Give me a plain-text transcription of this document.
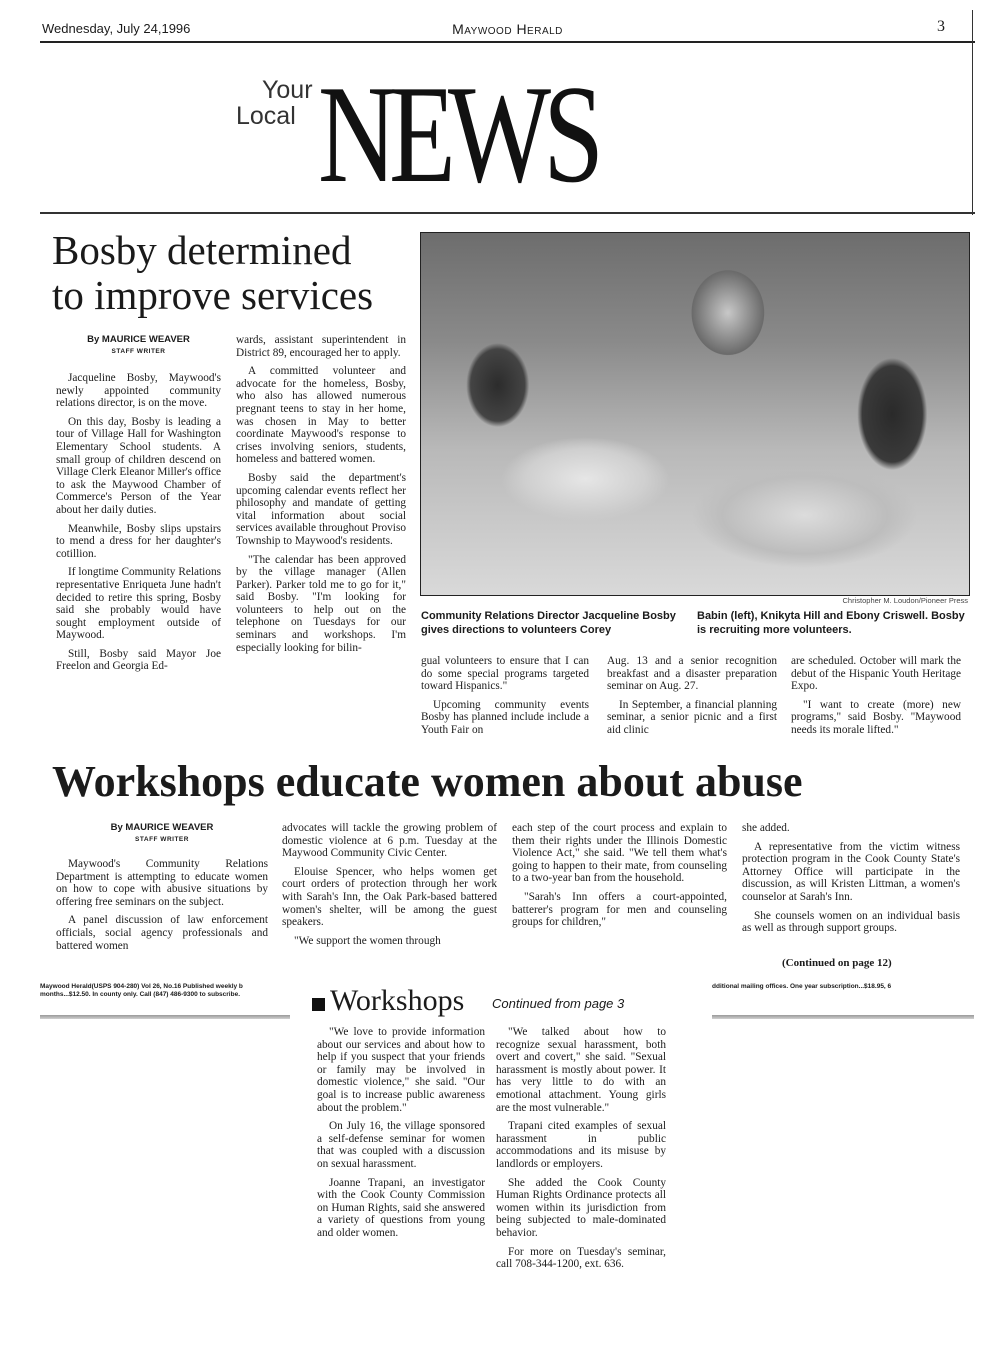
Wednesday, July 24,1996	Maywood Herald	3
Your
Local NEWS
Bosby determined
to improve services
By MAURICE WEAVER
STAFF WRITER

Jacqueline Bosby, Maywood's newly appointed community relations director, is on the move.

On this day, Bosby is leading a tour of Village Hall for Washington Elementary School students. A small group of children descend on Village Clerk Eleanor Miller's office to ask the Maywood Chamber of Commerce's Person of the Year about her daily duties.

Meanwhile, Bosby slips upstairs to mend a dress for her daughter's cotillion.

If longtime Community Relations representative Enriqueta June hadn't decided to retire this spring, Bosby said she probably would have sought employment outside of Maywood.

Still, Bosby said Mayor Joe Freelon and Georgia Ed-

wards, assistant superintendent in District 89, encouraged her to apply.

A committed volunteer and advocate for the homeless, Bosby, who also has allowed numerous pregnant teens to stay in her home, was chosen in May to better coordinate Maywood's response to crises involving seniors, students, homeless and battered women.

Bosby said the department's upcoming calendar events reflect her philosophy and mandate of getting vital information about social services available throughout Proviso Township to Maywood's residents.

"The calendar has been approved by the village manager (Allen Parker). Parker told me to go for it," said Bosby. "I'm looking for volunteers to help out on the telephone on Tuesdays for our seminars and workshops. I'm especially looking for bilin-

Christopher M. Loudon/Pioneer Press
Community Relations Director Jacqueline Bosby gives directions to volunteers Corey
Babin (left), Knikyta Hill and Ebony Criswell. Bosby is recruiting more volunteers.

gual volunteers to ensure that I can do some special programs targeted toward Hispanics."

Upcoming community events Bosby has planned include include a Youth Fair on

Aug. 13 and a senior recognition breakfast and a disaster preparation seminar on Aug. 27.

In September, a financial planning seminar, a senior picnic and a first aid clinic

are scheduled. October will mark the debut of the Hispanic Youth Heritage Expo.

"I want to create (more) new programs," said Bosby. "Maywood needs its morale lifted."

Workshops educate women about abuse
By MAURICE WEAVER
STAFF WRITER

Maywood's Community Relations Department is attempting to educate women on how to cope with abusive situations by offering free seminars on the subject.

A panel discussion of law enforcement officials, social agency professionals and battered women

advocates will tackle the growing problem of domestic violence at 6 p.m. Tuesday at the Maywood Community Civic Center.

Elouise Spencer, who helps women get court orders of protection through her work with Sarah's Inn, the Oak Park-based battered women's shelter, will be among the guest speakers.

"We support the women through

each step of the court process and explain to them their rights under the Illinois Domestic Violence Act," she said. "We tell them what's going to happen to their mate, from counseling to a two-year ban from the household.

"Sarah's Inn offers a court-appointed, batterer's program for men and counseling groups for children,"

she added.

A representative from the victim witness protection program in the Cook County State's Attorney Office will participate in the discussion, as will Kristen Littman, a women's counselor at Sarah's Inn.

She counsels women on an individual basis as well as through support groups.

(Continued on page 12)
Maywood Herald(USPS 904-280) Vol 26, No.16 Published weekly b
months...$12.50. In county only. Call (847) 486-9300 to subscribe.
dditional mailing offices. One year subscription...$18.95, 6
Workshops Continued from page 3

"We love to provide information about our services and about how to help if you suspect that your friends or family may be involved in domestic violence," she said. "Our goal is to increase public awareness about the problem."

On July 16, the village sponsored a self-defense seminar for women that was coupled with a discussion on sexual harassment.

Joanne Trapani, an investigator with the Cook County Commission on Human Rights, said she answered a variety of questions from young and older women.

"We talked about how to recognize sexual harassment, both overt and covert," she said. "Sexual harassment is mostly about power. It has very little to do with an emotional attachment. Young girls are the most vulnerable."

Trapani cited examples of sexual harassment in public accommodations and its misuse by landlords or employers.

She added the Cook County Human Rights Ordinance protects all women within its jurisdiction from being subjected to male-dominated behavior.

For more on Tuesday's seminar, call 708-344-1200, ext. 636.
